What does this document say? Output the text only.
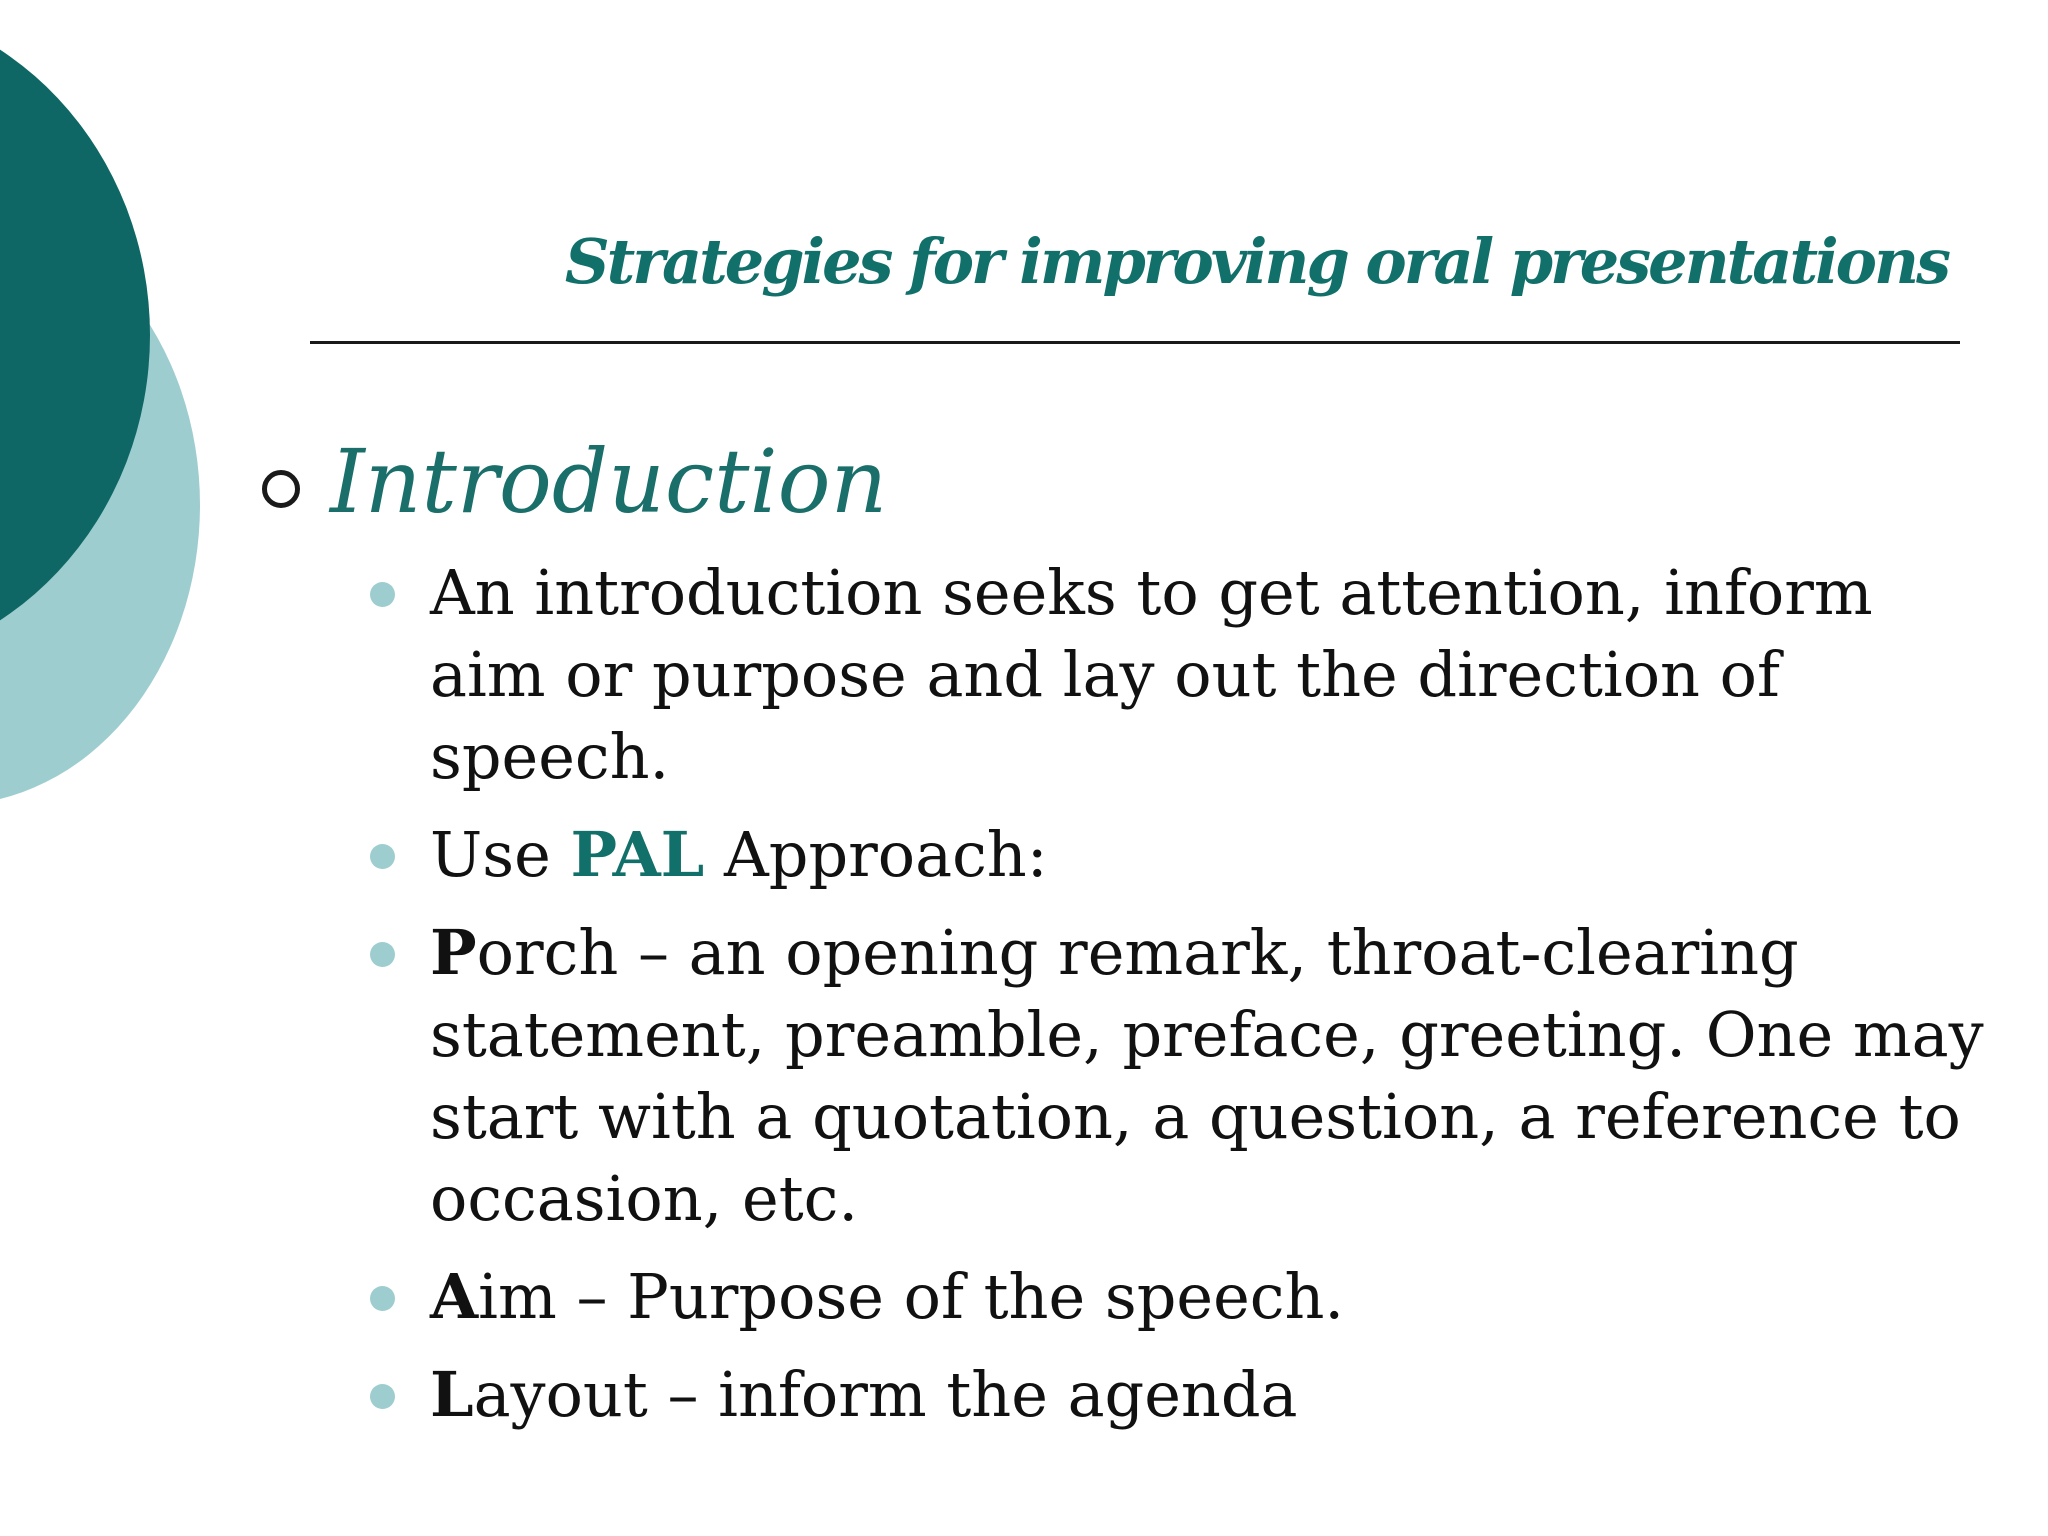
Strategies for improving oral presentations
Introduction
An introduction seeks to get attention, inform aim or purpose and lay out the direction of speech.
Use PAL Approach:
Porch – an opening remark, throat-clearing statement, preamble, preface, greeting. One may start with a quotation, a question, a reference to occasion, etc.
Aim – Purpose of the speech.
Layout – inform the agenda
